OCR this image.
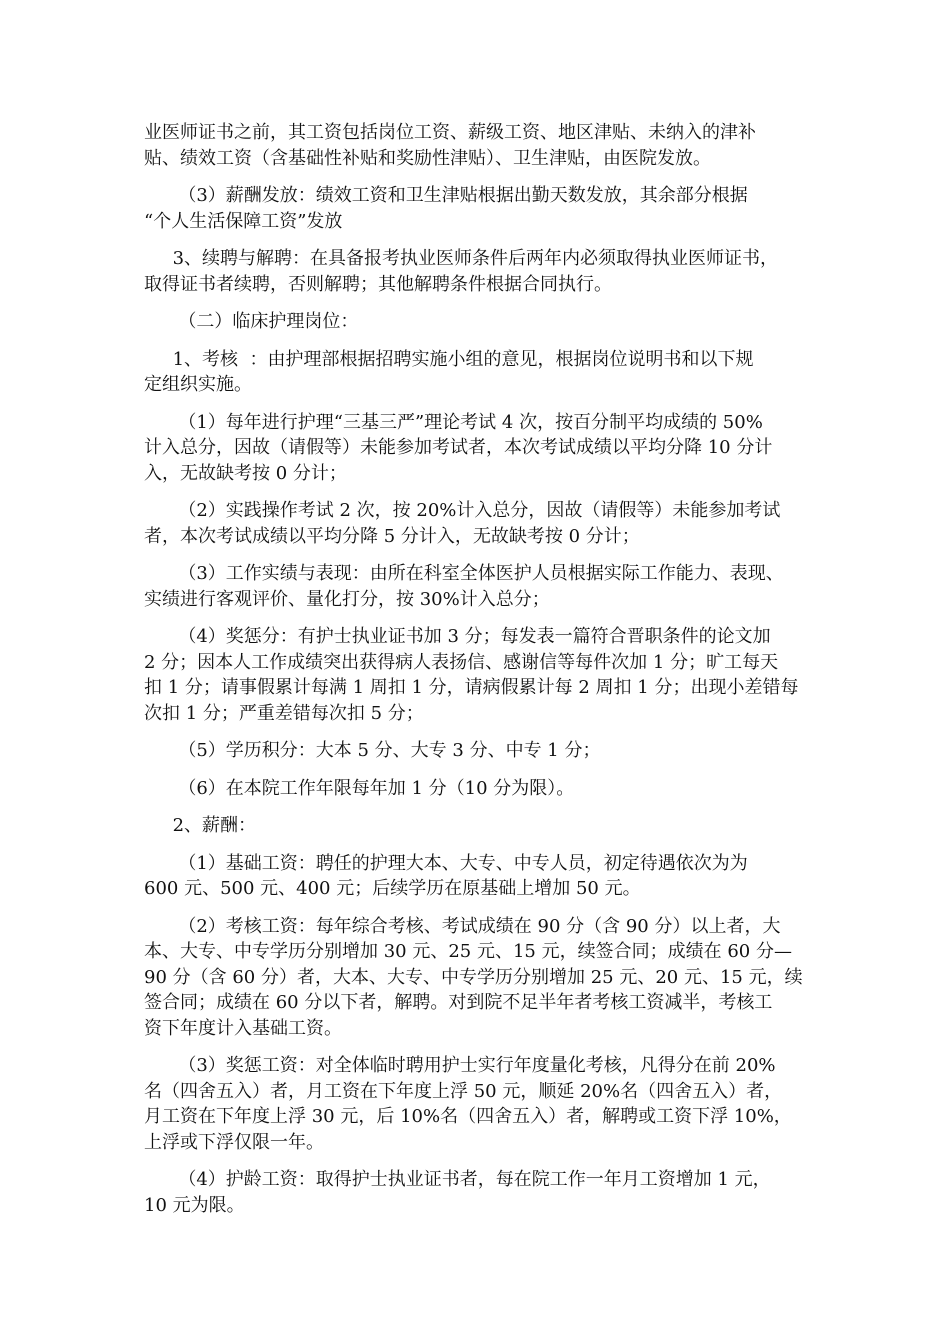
业医师证书之前，其工资包括岗位工资、薪级工资、地区津贴、未纳入的津补
贴、绩效工资（含基础性补贴和奖励性津贴）、卫生津贴，由医院发放。
（3）薪酬发放：绩效工资和卫生津贴根据出勤天数发放，其余部分根据
“个人生活保障工资”发放
3、续聘与解聘：在具备报考执业医师条件后两年内必须取得执业医师证书，
取得证书者续聘，否则解聘；其他解聘条件根据合同执行。
（二）临床护理岗位：
1、考核  ：由护理部根据招聘实施小组的意见，根据岗位说明书和以下规
定组织实施。
（1）每年进行护理“三基三严”理论考试 4 次，按百分制平均成绩的 50%
计入总分，因故（请假等）未能参加考试者，本次考试成绩以平均分降 10 分计
入，无故缺考按 0 分计；
（2）实践操作考试 2 次，按 20%计入总分，因故（请假等）未能参加考试
者，本次考试成绩以平均分降 5 分计入，无故缺考按 0 分计；
（3）工作实绩与表现：由所在科室全体医护人员根据实际工作能力、表现、
实绩进行客观评价、量化打分，按 30%计入总分；
（4）奖惩分：有护士执业证书加 3 分；每发表一篇符合晋职条件的论文加
2 分；因本人工作成绩突出获得病人表扬信、感谢信等每件次加 1 分；旷工每天
扣 1 分；请事假累计每满 1 周扣 1 分，请病假累计每 2 周扣 1 分；出现小差错每
次扣 1 分；严重差错每次扣 5 分；
（5）学历积分：大本 5 分、大专 3 分、中专 1 分；
（6）在本院工作年限每年加 1 分（10 分为限）。
2、薪酬：
（1）基础工资：聘任的护理大本、大专、中专人员，初定待遇依次为为
600 元、500 元、400 元；后续学历在原基础上增加 50 元。
（2）考核工资：每年综合考核、考试成绩在 90 分（含 90 分）以上者，大
本、大专、中专学历分别增加 30 元、25 元、15 元，续签合同；成绩在 60 分—
90 分（含 60 分）者，大本、大专、中专学历分别增加 25 元、20 元、15 元，续
签合同；成绩在 60 分以下者，解聘。对到院不足半年者考核工资减半，考核工
资下年度计入基础工资。
（3）奖惩工资：对全体临时聘用护士实行年度量化考核，凡得分在前 20%
名（四舍五入）者，月工资在下年度上浮 50 元，顺延 20%名（四舍五入）者，
月工资在下年度上浮 30 元，后 10%名（四舍五入）者，解聘或工资下浮 10%，
上浮或下浮仅限一年。
（4）护龄工资：取得护士执业证书者，每在院工作一年月工资增加 1 元，
10 元为限。
